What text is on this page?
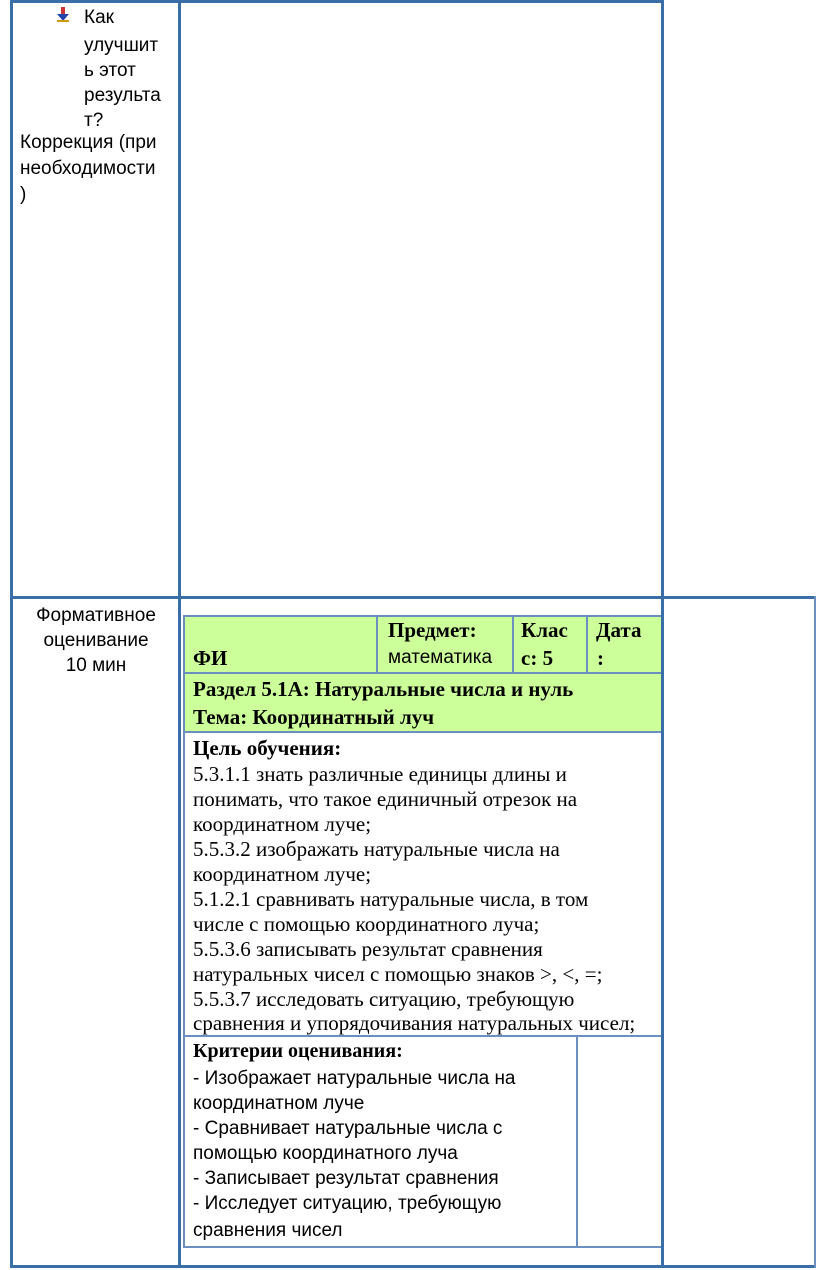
Как
улучшит
ь этот
результа
т?
Коррекция (при
необходимости
)
Формативное
оценивание
10 мин	ФИ
Предмет:
математика
Клас
с: 5
Дата
:
Раздел 5.1А: Натуральные числа и нуль
Тема: Координатный луч
Цель обучения:
5.3.1.1 знать различные единицы длины и
понимать, что такое единичный отрезок на
координатном луче;
5.5.3.2 изображать натуральные числа на
координатном луче;
5.1.2.1 сравнивать натуральные числа, в том
числе с помощью координатного луча;
5.5.3.6 записывать результат сравнения
натуральных чисел с помощью знаков >, <, =;
5.5.3.7 исследовать ситуацию, требующую
сравнения и упорядочивания натуральных чисел;
Критерии оценивания:
- Изображает натуральные числа на
координатном луче
- Сравнивает натуральные числа с
помощью координатного луча
- Записывает результат сравнения
- Исследует ситуацию, требующую
сравнения чисел
